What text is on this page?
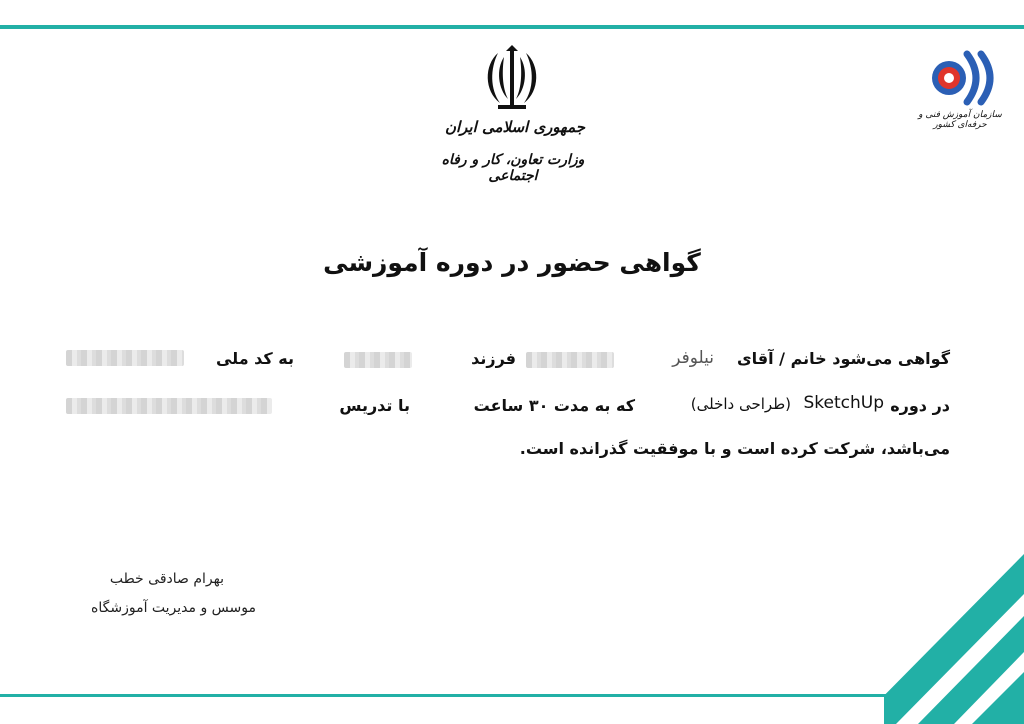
جمهوری اسلامی ایران
وزارت تعاون، کار و رفاه اجتماعی
سازمان آموزش فنی و حرفه‌ای کشور
گواهی حضور در دوره آموزشی
گواهی می‌شود خانم / آقای
نیلوفر
فرزند
به کد ملی
در دوره
SketchUp
(طراحی داخلی)
که به مدت ۳۰ ساعت
با تدریس
می‌باشد، شرکت کرده است و با موفقیت گذرانده است.
بهرام صادقی خطب
موسس و مدیریت آموزشگاه
